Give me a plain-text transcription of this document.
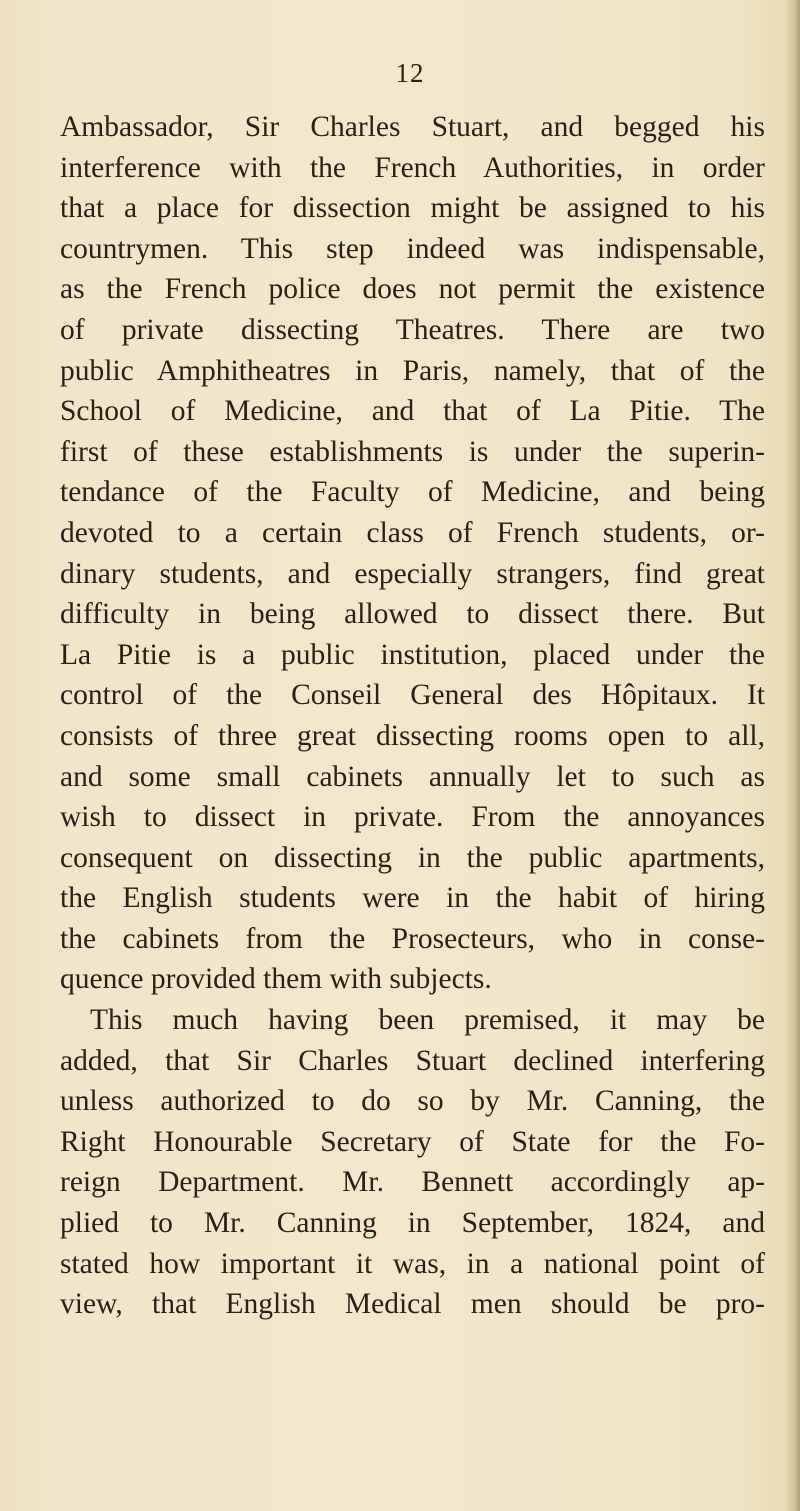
12
Ambassador, Sir Charles Stuart, and begged his
interference with the French Authorities, in order
that a place for dissection might be assigned to his
countrymen. This step indeed was indispensable,
as the French police does not permit the existence
of private dissecting Theatres. There are two
public Amphitheatres in Paris, namely, that of the
School of Medicine, and that of La Pitie. The
first of these establishments is under the superin-
tendance of the Faculty of Medicine, and being
devoted to a certain class of French students, or-
dinary students, and especially strangers, find great
difficulty in being allowed to dissect there. But
La Pitie is a public institution, placed under the
control of the Conseil General des Hôpitaux. It
consists of three great dissecting rooms open to all,
and some small cabinets annually let to such as
wish to dissect in private. From the annoyances
consequent on dissecting in the public apartments,
the English students were in the habit of hiring
the cabinets from the Prosecteurs, who in conse-
quence provided them with subjects.
This much having been premised, it may be
added, that Sir Charles Stuart declined interfering
unless authorized to do so by Mr. Canning, the
Right Honourable Secretary of State for the Fo-
reign Department. Mr. Bennett accordingly ap-
plied to Mr. Canning in September, 1824, and
stated how important it was, in a national point of
view, that English Medical men should be pro-
